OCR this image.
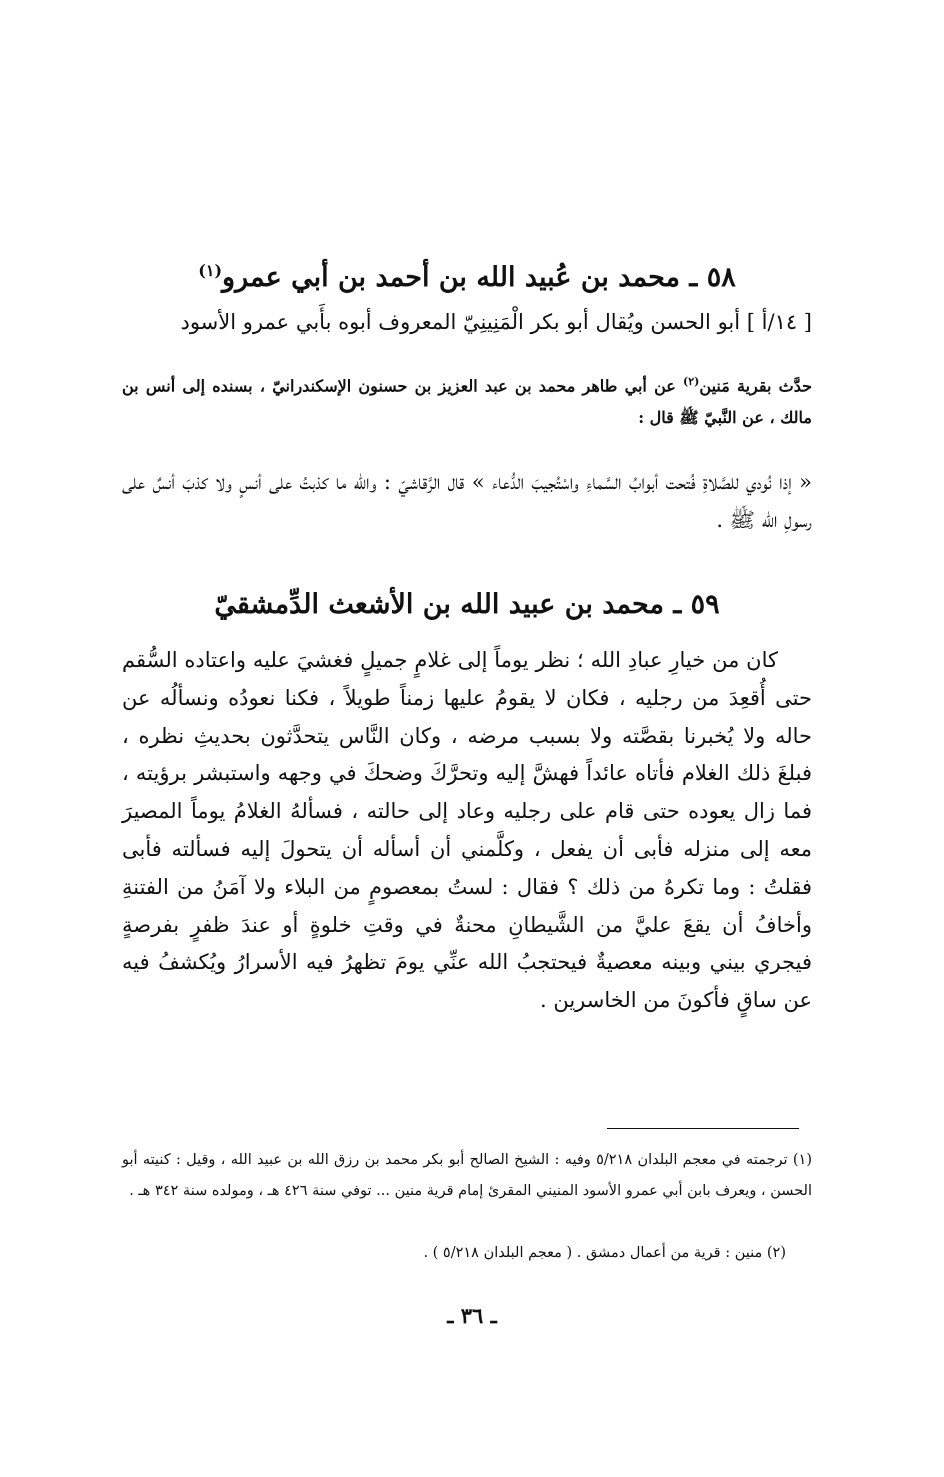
٥٨ ـ محمد بن عُبيد الله بن أحمد بن أبي عمرو$^{(١)}$
[ ١٤/أ ] أبو الحسن ويُقال أبو بكر الْمَنِينِيّ المعروف أبوه بأَبي عمرو الأسود
حدَّث بقرية مَنين$^{(٢)}$ عن أبي طاهر محمد بن عبد العزيز بن حسنون الإسكندرانيّ ، بسنده إلى أنس بن مالك ، عن النَّبيّ ﷺ قال :
« إذا نُودي للصَّلاةِ فُتحت أبوابُ السَّماءِ واسْتُجيبَ الدُّعاء » قال الرَّقاشيّ : والله ما كذبتُ على أنسٍ ولا كذبَ أنسٌ على رسولِ الله ﷺ .
٥٩ ـ محمد بن عبيد الله بن الأشعث الدِّمشقيّ
كان من خيارِ عبادِ الله ؛ نظر يوماً إلى غلامٍ جميلٍ فغشيَ عليه واعتاده السُّقم حتى أُقعِدَ من رجليه ، فكان لا يقومُ عليها زمناً طويلاً ، فكنا نعودُه ونسألُه عن حاله ولا يُخبرنا بقصَّته ولا بسبب مرضه ، وكان النَّاس يتحدَّثون بحديثِ نظره ، فبلغَ ذلك الغلام فأتاه عائداً فهشَّ إليه وتحرَّكَ وضحكَ في وجهه واستبشر برؤيته ، فما زال يعوده حتى قام على رجليه وعاد إلى حالته ، فسألهُ الغلامُ يوماً المصيرَ معه إلى منزله فأبى أن يفعل ، وكلَّمني أن أسأله أن يتحولَ إليه فسألته فأبى فقلتُ : وما تكرهُ من ذلك ؟ فقال : لستُ بمعصومٍ من البلاء ولا آمَنُ من الفتنةِ وأخافُ أن يقعَ عليَّ من الشَّيطانِ محنةٌ في وقتِ خلوةٍ أو عندَ ظفرٍ بفرصةٍ فيجري بيني وبينه معصيةٌ فيحتجبُ الله عنِّي يومَ تظهرُ فيه الأسرارُ ويُكشفُ فيه عن ساقٍ فأكونَ من الخاسرين .
(١) ترجمته في معجم البلدان ٥/٢١٨ وفيه : الشيخ الصالح أبو بكر محمد بن رزق الله بن عبيد الله ، وقيل : كنيته أبو الحسن ، ويعرف بابن أبي عمرو الأسود المنيني المقرئ إمام قرية منين ... توفي سنة ٤٢٦ هـ ، ومولده سنة ٣٤٢ هـ .
(٢) منين : قرية من أعمال دمشق . ( معجم البلدان ٥/٢١٨ ) .
ـ ٣٦ ـ
